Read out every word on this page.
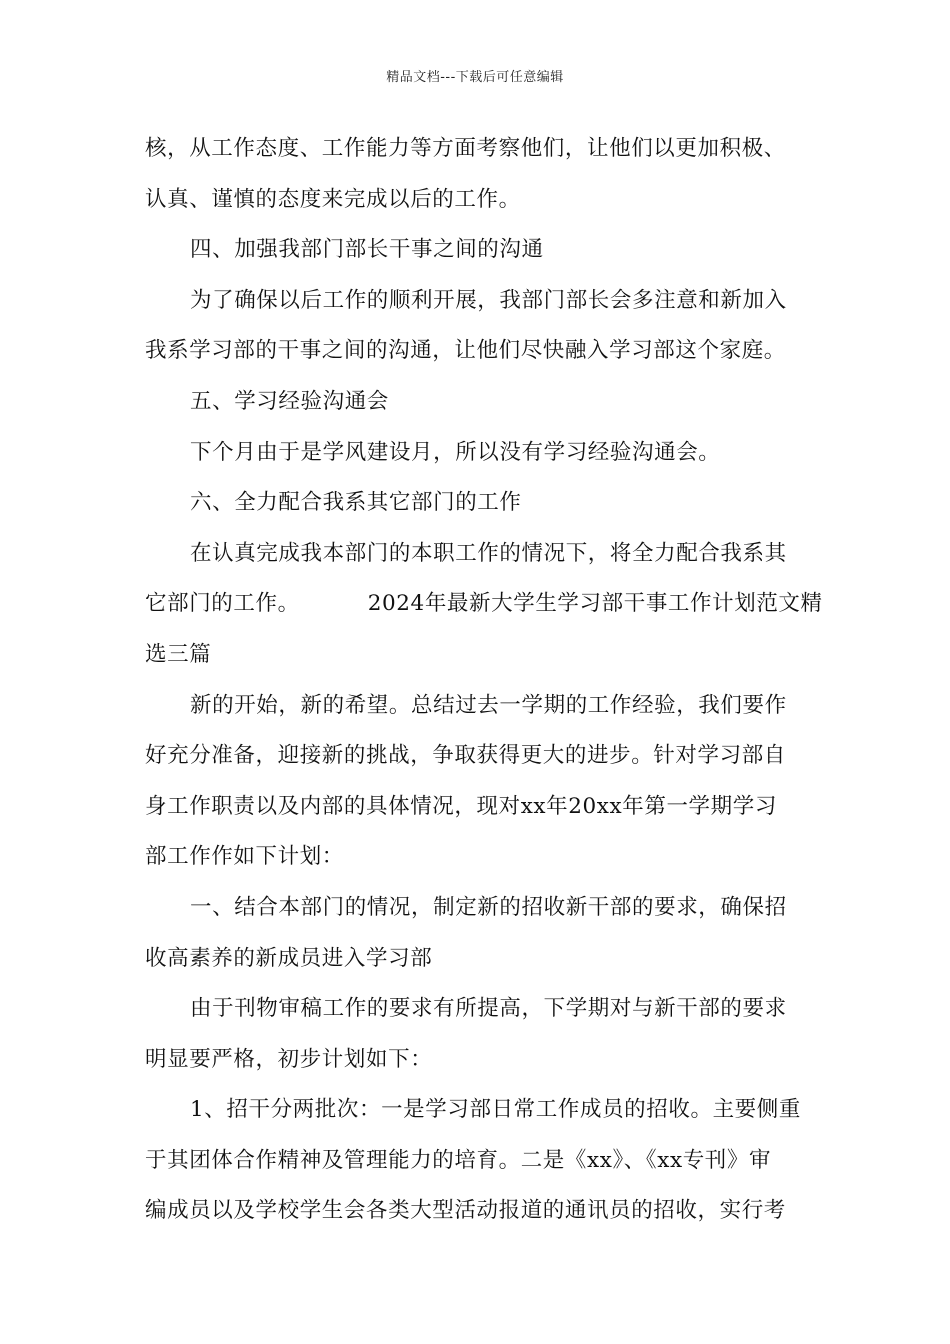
精品文档---下载后可任意编辑
核，从工作态度、工作能力等方面考察他们，让他们以更加积极、
认真、谨慎的态度来完成以后的工作。
四、加强我部门部长干事之间的沟通
为了确保以后工作的顺利开展，我部门部长会多注意和新加入
我系学习部的干事之间的沟通，让他们尽快融入学习部这个家庭。
五、学习经验沟通会
下个月由于是学风建设月，所以没有学习经验沟通会。
六、全力配合我系其它部门的工作
在认真完成我本部门的本职工作的情况下，将全力配合我系其
它部门的工作。	2024年最新大学生学习部干事工作计划范文精
选三篇
新的开始，新的希望。总结过去一学期的工作经验，我们要作
好充分准备，迎接新的挑战，争取获得更大的进步。针对学习部自
身工作职责以及内部的具体情况，现对xx年20xx年第一学期学习
部工作作如下计划：
一、结合本部门的情况，制定新的招收新干部的要求，确保招
收高素养的新成员进入学习部
由于刊物审稿工作的要求有所提高，下学期对与新干部的要求
明显要严格，初步计划如下：
1、招干分两批次：一是学习部日常工作成员的招收。主要侧重
于其团体合作精神及管理能力的培育。二是《xx》、《xx专刊》审
编成员以及学校学生会各类大型活动报道的通讯员的招收，实行考
